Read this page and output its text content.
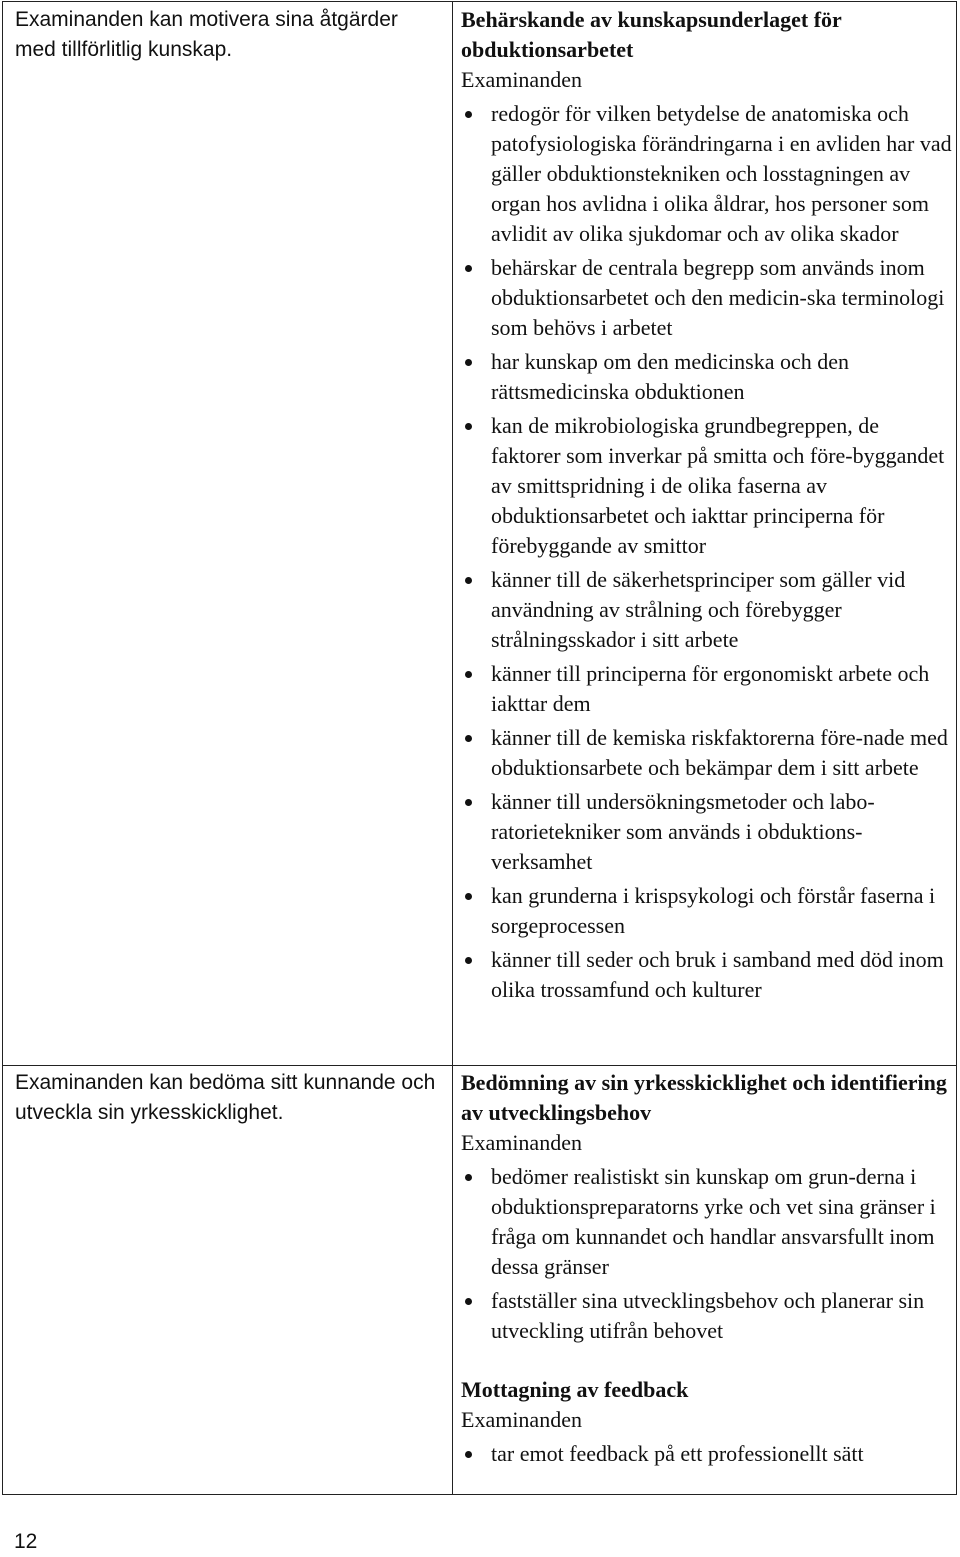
Examinanden kan motivera sina åtgärder med tillförlitlig kunskap.
Examinanden kan bedöma sitt kunnande och utveckla sin yrkesskicklighet.
Behärskande av kunskapsunderlaget för obduktionsarbetet
Examinanden
redogör för vilken betydelse de anatomiska och patofysiologiska förändringarna i en avliden har vad gäller obduktionstekniken och losstagningen av organ hos avlidna i olika åldrar, hos personer som avlidit av olika sjukdomar och av olika skador
behärskar de centrala begrepp som används inom obduktionsarbetet och den medicin-ska terminologi som behövs i arbetet
har kunskap om den medicinska och den rättsmedicinska obduktionen
kan de mikrobiologiska grundbegreppen, de faktorer som inverkar på smitta och före-byggandet av smittspridning i de olika faserna av obduktionsarbetet och iakttar principerna för förebyggande av smittor
känner till de säkerhetsprinciper som gäller vid användning av strålning och förebygger strålningsskador i sitt arbete
känner till principerna för ergonomiskt arbete och iakttar dem
känner till de kemiska riskfaktorerna före-nade med obduktionsarbete och bekämpar dem i sitt arbete
känner till undersökningsmetoder och labo-ratorietekniker som används i obduktions-verksamhet
kan grunderna i krispsykologi och förstår faserna i sorgeprocessen
känner till seder och bruk i samband med död inom olika trossamfund och kulturer
Bedömning av sin yrkesskicklighet och identifiering av utvecklingsbehov
Examinanden
bedömer realistiskt sin kunskap om grun-derna i obduktionspreparatorns yrke och vet sina gränser i fråga om kunnandet och handlar ansvarsfullt inom dessa gränser
fastställer sina utvecklingsbehov och planerar sin utveckling utifrån behovet
Mottagning av feedback
Examinanden
tar emot feedback på ett professionellt sätt
12
